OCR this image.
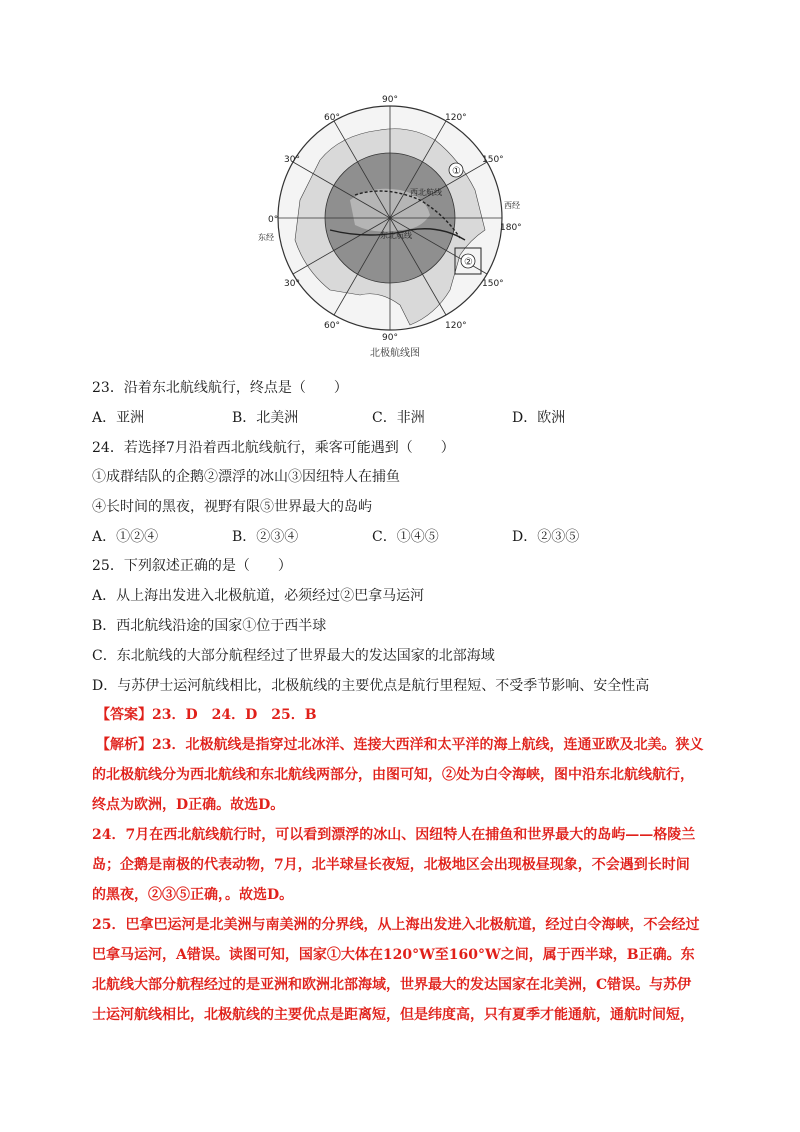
90°
90°
120°
150°
180°
150°
120°
60°
30°
0°
30°
60°
东经
西经
西北航线
东北航线
①
②
北极航线图
23．沿着东北航线航行，终点是（　　）
A．亚洲	B．北美洲	C．非洲	D．欧洲
24．若选择7月沿着西北航线航行，乘客可能遇到（　　）
①成群结队的企鹅②漂浮的冰山③因纽特人在捕鱼
④长时间的黑夜，视野有限⑤世界最大的岛屿
A．①②④	B．②③④	C．①④⑤	D．②③⑤
25．下列叙述正确的是（　　）
A．从上海出发进入北极航道，必须经过②巴拿马运河
B．西北航线沿途的国家①位于西半球
C．东北航线的大部分航程经过了世界最大的发达国家的北部海域
D．与苏伊士运河航线相比，北极航线的主要优点是航行里程短、不受季节影响、安全性高
【答案】23．D　24．D　25．B
【解析】23．北极航线是指穿过北冰洋、连接大西洋和太平洋的海上航线，连通亚欧及北美。狭义
的北极航线分为西北航线和东北航线两部分，由图可知，②处为白令海峡，图中沿东北航线航行，
终点为欧洲，D正确。故选D。
24．7月在西北航线航行时，可以看到漂浮的冰山、因纽特人在捕鱼和世界最大的岛屿——格陵兰
岛；企鹅是南极的代表动物，7月，北半球昼长夜短，北极地区会出现极昼现象，不会遇到长时间
的黑夜，②③⑤正确，。故选D。
25．巴拿巴运河是北美洲与南美洲的分界线，从上海出发进入北极航道，经过白令海峡，不会经过
巴拿马运河，A错误。读图可知，国家①大体在120°W至160°W之间，属于西半球，B正确。东
北航线大部分航程经过的是亚洲和欧洲北部海域，世界最大的发达国家在北美洲，C错误。与苏伊
士运河航线相比，北极航线的主要优点是距离短，但是纬度高，只有夏季才能通航，通航时间短，
